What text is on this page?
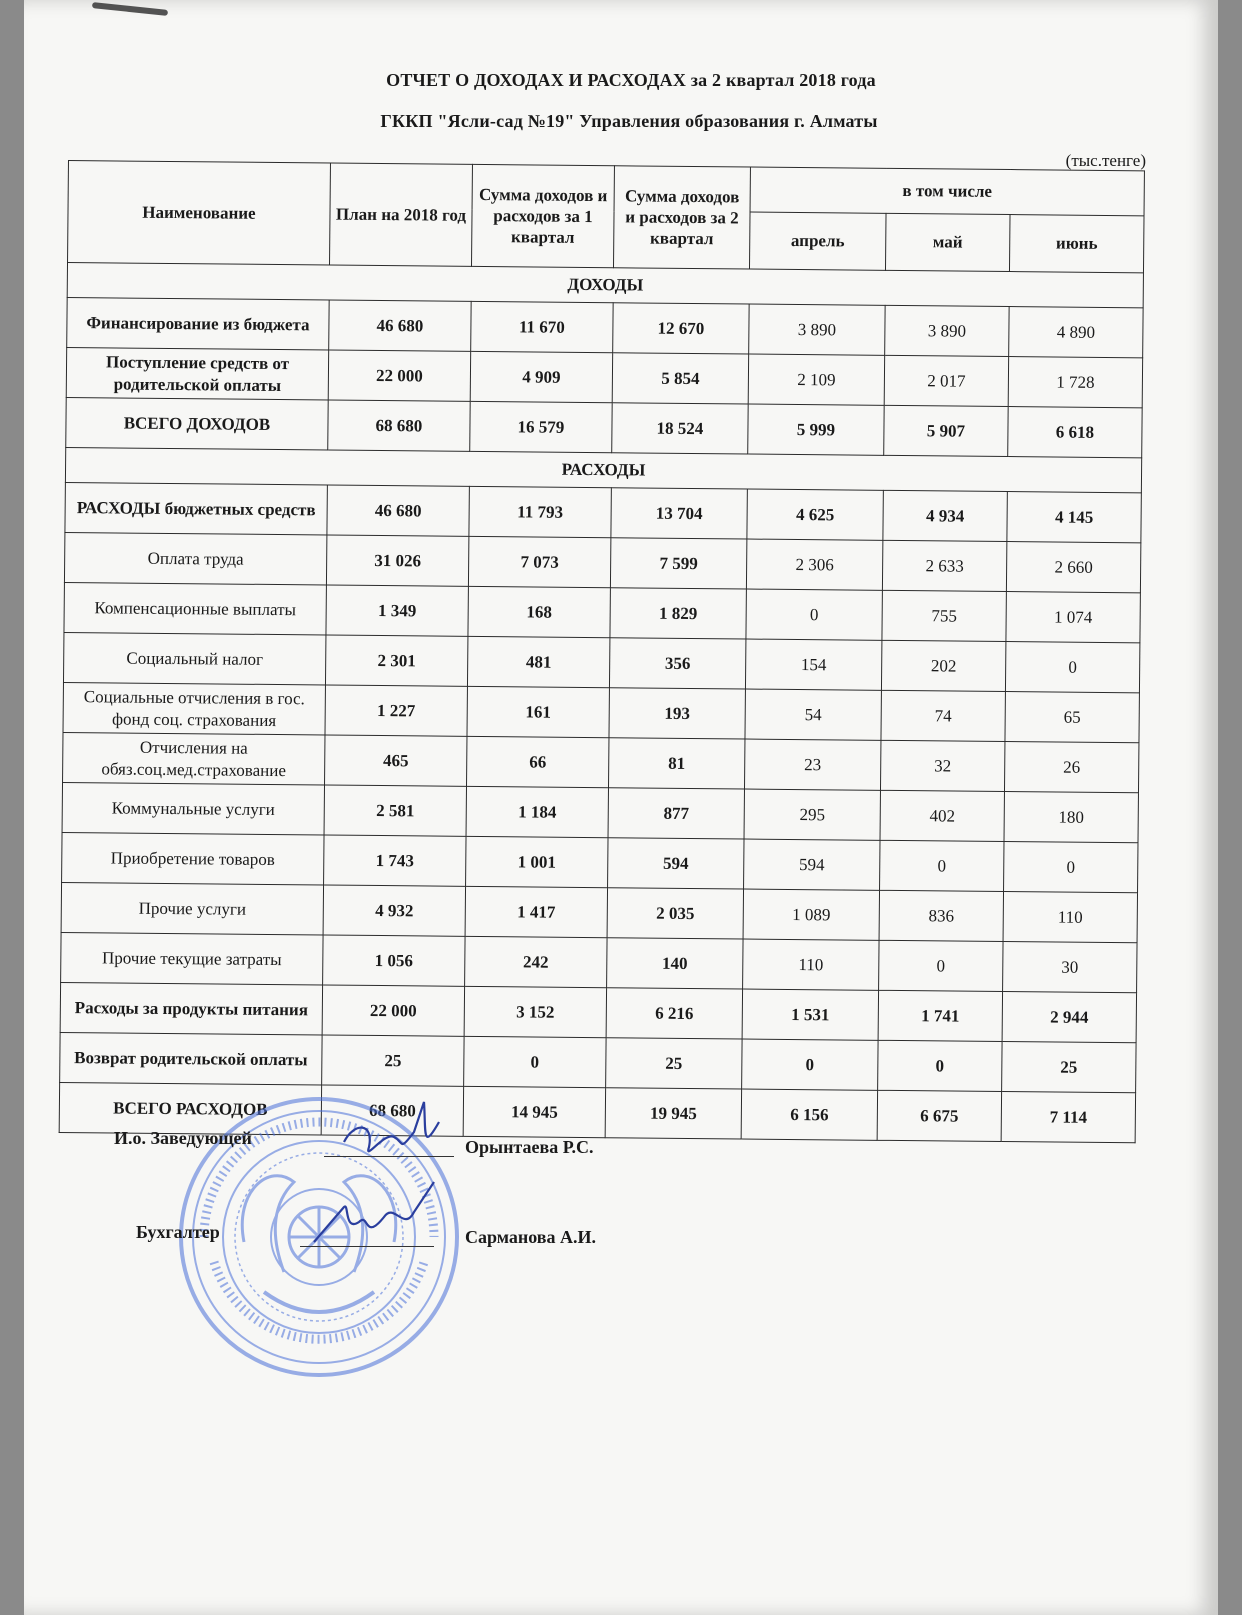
ОТЧЕТ О ДОХОДАХ И РАСХОДАХ за 2 квартал 2018 года
ГККП "Ясли-сад №19" Управления образования г. Алматы
(тыс.тенге)
Наименование	План на 2018 год	Сумма доходов и расходов за 1 квартал	Сумма доходов и расходов за 2 квартал	в том числе		
				апрель	май	июнь
ДОХОДЫ						
Финансирование из бюджета	46 680	11 670	12 670	3 890	3 890	4 890
Поступление средств от родительской оплаты	22 000	4 909	5 854	2 109	2 017	1 728
ВСЕГО ДОХОДОВ	68 680	16 579	18 524	5 999	5 907	6 618
РАСХОДЫ						
РАСХОДЫ бюджетных средств	46 680	11 793	13 704	4 625	4 934	4 145
Оплата труда	31 026	7 073	7 599	2 306	2 633	2 660
Компенсационные выплаты	1 349	168	1 829	0	755	1 074
Социальный налог	2 301	481	356	154	202	0
Социальные отчисления в гос. фонд соц. страхования	1 227	161	193	54	74	65
Отчисления на обяз.соц.мед.страхование	465	66	81	23	32	26
Коммунальные услуги	2 581	1 184	877	295	402	180
Приобретение товаров	1 743	1 001	594	594	0	0
Прочие услуги	4 932	1 417	2 035	1 089	836	110
Прочие текущие затраты	1 056	242	140	110	0	30
Расходы за продукты питания	22 000	3 152	6 216	1 531	1 741	2 944
Возврат родительской оплаты	25	0	25	0	0	25
ВСЕГО РАСХОДОВ	68 680	14 945	19 945	6 156	6 675	7 114
И.о. Заведующей	Орынтаева Р.С.
Бухгалтер	Сарманова А.И.
